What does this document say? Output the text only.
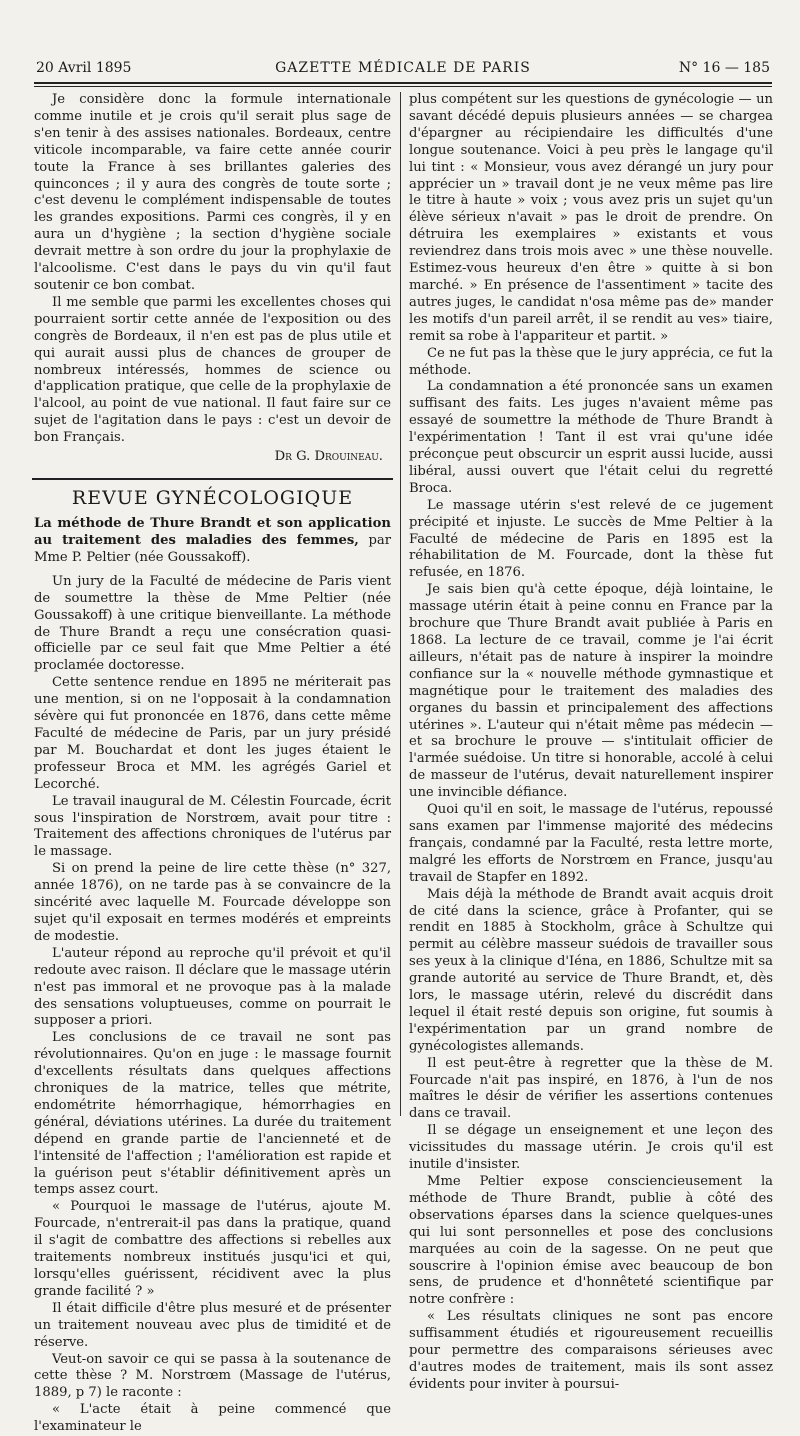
20 Avril 1895	GAZETTE MÉDICALE DE PARIS	N° 16 — 185

Je considère donc la formule internationale comme inutile et je crois qu'il serait plus sage de s'en tenir à des assises nationales. Bordeaux, centre viticole incomparable, va faire cette année courir toute la France à ses brillantes galeries des quinconces ; il y aura des congrès de toute sorte ; c'est devenu le complément indispensable de toutes les grandes expositions. Parmi ces congrès, il y en aura un d'hygiène ; la section d'hygiène sociale devrait mettre à son ordre du jour la prophylaxie de l'alcoolisme. C'est dans le pays du vin qu'il faut soutenir ce bon combat.

Il me semble que parmi les excellentes choses qui pourraient sortir cette année de l'exposition ou des congrès de Bordeaux, il n'en est pas de plus utile et qui aurait aussi plus de chances de grouper de nombreux intéressés, hommes de science ou d'application pratique, que celle de la prophylaxie de l'alcool, au point de vue national. Il faut faire sur ce sujet de l'agitation dans le pays : c'est un devoir de bon Français.

Dr G. Drouineau.
REVUE GYNÉCOLOGIQUE

La méthode de Thure Brandt et son application au traitement des maladies des femmes, par Mme P. Peltier (née Goussakoff).

Un jury de la Faculté de médecine de Paris vient de soumettre la thèse de Mme Peltier (née Goussakoff) à une critique bienveillante. La méthode de Thure Brandt a reçu une consécration quasi-officielle par ce seul fait que Mme Peltier a été proclamée doctoresse.

Cette sentence rendue en 1895 ne mériterait pas une mention, si on ne l'opposait à la condamnation sévère qui fut prononcée en 1876, dans cette même Faculté de médecine de Paris, par un jury présidé par M. Bouchardat et dont les juges étaient le professeur Broca et MM. les agrégés Gariel et Lecorché.

Le travail inaugural de M. Célestin Fourcade, écrit sous l'inspiration de Norstrœm, avait pour titre : Traitement des affections chroniques de l'utérus par le massage.

Si on prend la peine de lire cette thèse (n° 327, année 1876), on ne tarde pas à se convaincre de la sincérité avec laquelle M. Fourcade développe son sujet qu'il exposait en termes modérés et empreints de modestie.

L'auteur répond au reproche qu'il prévoit et qu'il redoute avec raison. Il déclare que le massage utérin n'est pas immoral et ne provoque pas à la malade des sensations voluptueuses, comme on pourrait le supposer a priori.

Les conclusions de ce travail ne sont pas révolutionnaires. Qu'on en juge : le massage fournit d'excellents résultats dans quelques affections chroniques de la matrice, telles que métrite, endométrite hémorrhagique, hémorrhagies en général, déviations utérines. La durée du traitement dépend en grande partie de l'ancienneté et de l'intensité de l'affection ; l'amélioration est rapide et la guérison peut s'établir définitivement après un temps assez court.

« Pourquoi le massage de l'utérus, ajoute M. Fourcade, n'entrerait-il pas dans la pratique, quand il s'agit de combattre des affections si rebelles aux traitements nombreux institués jusqu'ici et qui, lorsqu'elles guérissent, récidivent avec la plus grande facilité ? »

Il était difficile d'être plus mesuré et de présenter un traitement nouveau avec plus de timidité et de réserve.

Veut-on savoir ce qui se passa à la soutenance de cette thèse ? M. Norstrœm (Massage de l'utérus, 1889, p 7) le raconte :

« L'acte était à peine commencé que l'examinateur le

plus compétent sur les questions de gynécologie — un savant décédé depuis plusieurs années — se chargea d'épargner au récipiendaire les difficultés d'une longue soutenance. Voici à peu près le langage qu'il lui tint : « Monsieur, vous avez dérangé un jury pour apprécier un » travail dont je ne veux même pas lire le titre à haute » voix ; vous avez pris un sujet qu'un élève sérieux n'avait » pas le droit de prendre. On détruira les exemplaires » existants et vous reviendrez dans trois mois avec » une thèse nouvelle. Estimez-vous heureux d'en être » quitte à si bon marché. » En présence de l'assentiment » tacite des autres juges, le candidat n'osa même pas de» mander les motifs d'un pareil arrêt, il se rendit au ves» tiaire, remit sa robe à l'appariteur et partit. »

Ce ne fut pas la thèse que le jury apprécia, ce fut la méthode.

La condamnation a été prononcée sans un examen suffisant des faits. Les juges n'avaient même pas essayé de soumettre la méthode de Thure Brandt à l'expérimentation ! Tant il est vrai qu'une idée préconçue peut obscurcir un esprit aussi lucide, aussi libéral, aussi ouvert que l'était celui du regretté Broca.

Le massage utérin s'est relevé de ce jugement précipité et injuste. Le succès de Mme Peltier à la Faculté de médecine de Paris en 1895 est la réhabilitation de M. Fourcade, dont la thèse fut refusée, en 1876.

Je sais bien qu'à cette époque, déjà lointaine, le massage utérin était à peine connu en France par la brochure que Thure Brandt avait publiée à Paris en 1868. La lecture de ce travail, comme je l'ai écrit ailleurs, n'était pas de nature à inspirer la moindre confiance sur la « nouvelle méthode gymnastique et magnétique pour le traitement des maladies des organes du bassin et principalement des affections utérines ». L'auteur qui n'était même pas médecin — et sa brochure le prouve — s'intitulait officier de l'armée suédoise. Un titre si honorable, accolé à celui de masseur de l'utérus, devait naturellement inspirer une invincible défiance.

Quoi qu'il en soit, le massage de l'utérus, repoussé sans examen par l'immense majorité des médecins français, condamné par la Faculté, resta lettre morte, malgré les efforts de Norstrœm en France, jusqu'au travail de Stapfer en 1892.

Mais déjà la méthode de Brandt avait acquis droit de cité dans la science, grâce à Profanter, qui se rendit en 1885 à Stockholm, grâce à Schultze qui permit au célèbre masseur suédois de travailler sous ses yeux à la clinique d'Iéna, en 1886, Schultze mit sa grande autorité au service de Thure Brandt, et, dès lors, le massage utérin, relevé du discrédit dans lequel il était resté depuis son origine, fut soumis à l'expérimentation par un grand nombre de gynécologistes allemands.

Il est peut-être à regretter que la thèse de M. Fourcade n'ait pas inspiré, en 1876, à l'un de nos maîtres le désir de vérifier les assertions contenues dans ce travail.

Il se dégage un enseignement et une leçon des vicissitudes du massage utérin. Je crois qu'il est inutile d'insister.

Mme Peltier expose consciencieusement la méthode de Thure Brandt, publie à côté des observations éparses dans la science quelques-unes qui lui sont personnelles et pose des conclusions marquées au coin de la sagesse. On ne peut que souscrire à l'opinion émise avec beaucoup de bon sens, de prudence et d'honnêteté scientifique par notre confrère :

« Les résultats cliniques ne sont pas encore suffisamment étudiés et rigoureusement recueillis pour permettre des comparaisons sérieuses avec d'autres modes de traitement, mais ils sont assez évidents pour inviter à poursui-
